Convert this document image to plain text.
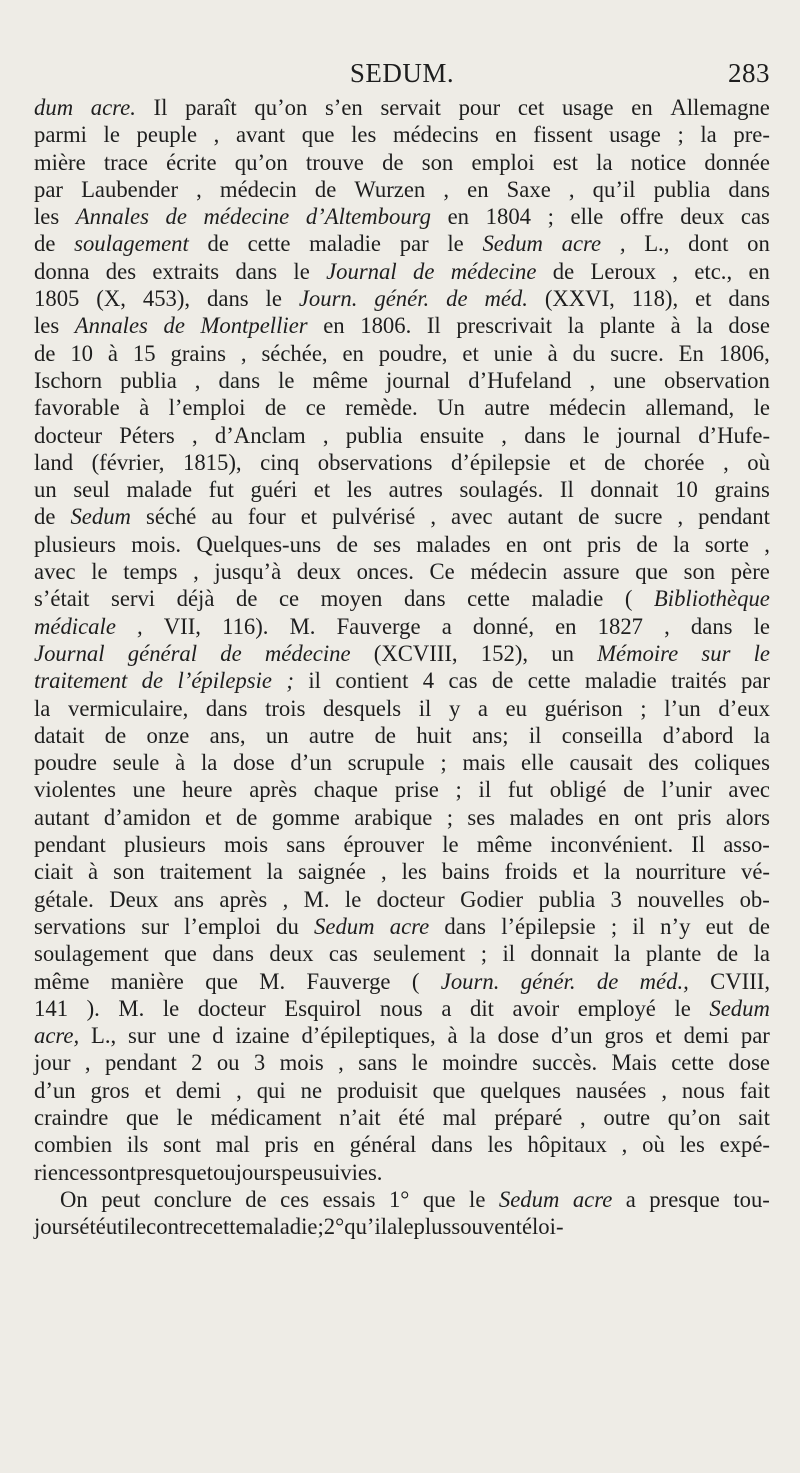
SEDUM.	283
dum acre. Il paraît qu’on s’en servait pour cet usage en Allemagne
parmi le peuple , avant que les médecins en fissent usage ; la pre-
mière trace écrite qu’on trouve de son emploi est la notice donnée
par Laubender , médecin de Wurzen , en Saxe , qu’il publia dans
les Annales de médecine d’Altembourg en 1804 ; elle offre deux cas
de soulagement de cette maladie par le Sedum acre , L., dont on
donna des extraits dans le Journal de médecine de Leroux , etc., en
1805 (X, 453), dans le Journ. génér. de méd. (XXVI, 118), et dans
les Annales de Montpellier en 1806. Il prescrivait la plante à la dose
de 10 à 15 grains , séchée, en poudre, et unie à du sucre. En 1806,
Ischorn publia , dans le même journal d’Hufeland , une observation
favorable à l’emploi de ce remède. Un autre médecin allemand, le
docteur Péters , d’Anclam , publia ensuite , dans le journal d’Hufe-
land (février, 1815), cinq observations d’épilepsie et de chorée , où
un seul malade fut guéri et les autres soulagés. Il donnait 10 grains
de Sedum séché au four et pulvérisé , avec autant de sucre , pendant
plusieurs mois. Quelques-uns de ses malades en ont pris de la sorte ,
avec le temps , jusqu’à deux onces. Ce médecin assure que son père
s’était servi déjà de ce moyen dans cette maladie ( Bibliothèque
médicale , VII, 116). M. Fauverge a donné, en 1827 , dans le
Journal général de médecine (XCVIII, 152), un Mémoire sur le
traitement de l’épilepsie ; il contient 4 cas de cette maladie traités par
la vermiculaire, dans trois desquels il y a eu guérison ; l’un d’eux
datait de onze ans, un autre de huit ans; il conseilla d’abord la
poudre seule à la dose d’un scrupule ; mais elle causait des coliques
violentes une heure après chaque prise ; il fut obligé de l’unir avec
autant d’amidon et de gomme arabique ; ses malades en ont pris alors
pendant plusieurs mois sans éprouver le même inconvénient. Il asso-
ciait à son traitement la saignée , les bains froids et la nourriture vé-
gétale. Deux ans après , M. le docteur Godier publia 3 nouvelles ob-
servations sur l’emploi du Sedum acre dans l’épilepsie ; il n’y eut de
soulagement que dans deux cas seulement ; il donnait la plante de la
même manière que M. Fauverge ( Journ. génér. de méd., CVIII,
141 ). M. le docteur Esquirol nous a dit avoir employé le Sedum
acre, L., sur une d izaine d’épileptiques, à la dose d’un gros et demi par
jour , pendant 2 ou 3 mois , sans le moindre succès. Mais cette dose
d’un gros et demi , qui ne produisit que quelques nausées , nous fait
craindre que le médicament n’ait été mal préparé , outre qu’on sait
combien ils sont mal pris en général dans les hôpitaux , où les expé-
riences sont presque toujours peu suivies.
On peut conclure de ces essais 1° que le Sedum acre a presque tou-
jours été utile contre cette maladie ; 2° qu’il a le plus souvent éloi-
